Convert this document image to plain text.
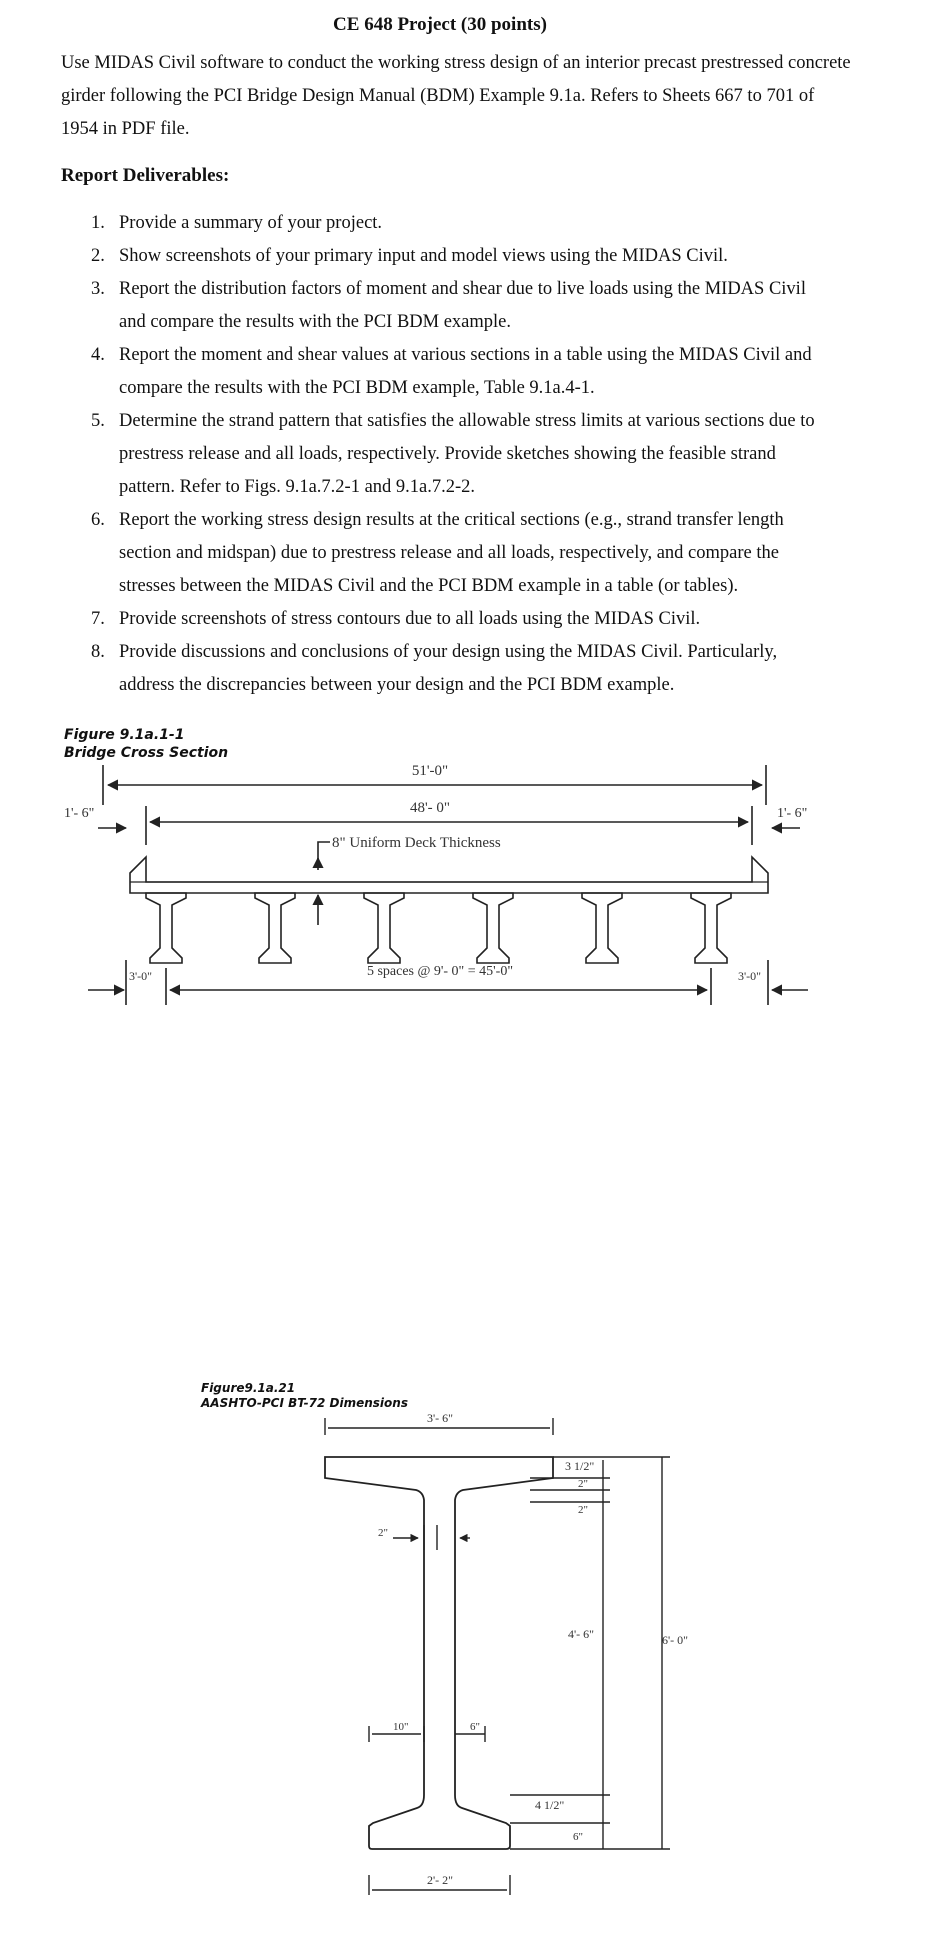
CE 648 Project (30 points)
Use MIDAS Civil software to conduct the working stress design of an interior precast prestressed concrete girder following the PCI Bridge Design Manual (BDM) Example 9.1a. Refers to Sheets 667 to 701 of 1954 in PDF file.
Report Deliverables:
1. Provide a summary of your project.
2. Show screenshots of your primary input and model views using the MIDAS Civil.
3. Report the distribution factors of moment and shear due to live loads using the MIDAS Civil and compare the results with the PCI BDM example.
4. Report the moment and shear values at various sections in a table using the MIDAS Civil and compare the results with the PCI BDM example, Table 9.1a.4-1.
5. Determine the strand pattern that satisfies the allowable stress limits at various sections due to prestress release and all loads, respectively. Provide sketches showing the feasible strand pattern. Refer to Figs. 9.1a.7.2-1 and 9.1a.7.2-2.
6. Report the working stress design results at the critical sections (e.g., strand transfer length section and midspan) due to prestress release and all loads, respectively, and compare the stresses between the MIDAS Civil and the PCI BDM example in a table (or tables).
7. Provide screenshots of stress contours due to all loads using the MIDAS Civil.
8. Provide discussions and conclusions of your design using the MIDAS Civil. Particularly, address the discrepancies between your design and the PCI BDM example.
Figure 9.1a.1-1
Bridge Cross Section
51'-0"
48'- 0"
1'- 6"	1'- 6"
8" Uniform Deck Thickness
5 spaces @ 9'- 0" = 45'-0"
3'-0"	3'-0"
Figure9.1a.21
AASHTO-PCI BT-72 Dimensions
3'- 6"
3 1/2"
2"
2"
2"
4'- 6"	6'- 0"
10"	6"
4 1/2"
6"
2'- 2"
